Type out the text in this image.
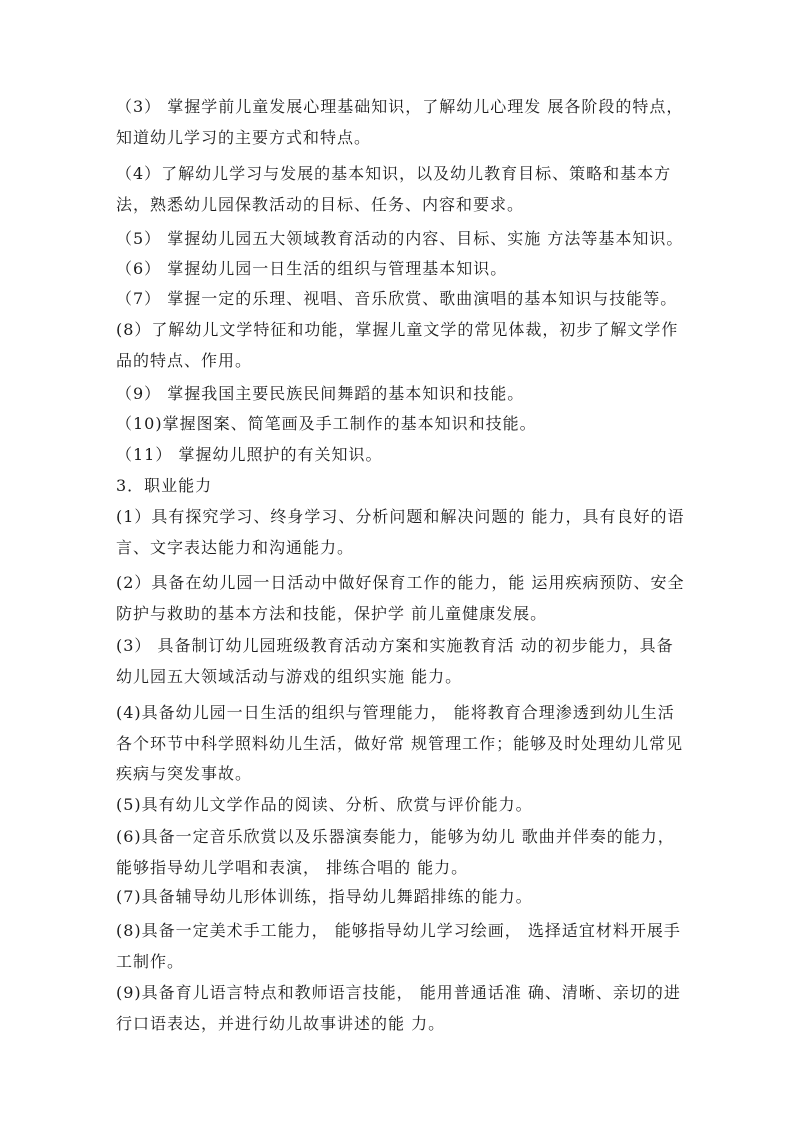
（3） 掌握学前儿童发展心理基础知识，了解幼儿心理发 展各阶段的特点， 知道幼儿学习的主要方式和特点。

（4）了解幼儿学习与发展的基本知识，以及幼儿教育目标、策略和基本方法，熟悉幼儿园保教活动的目标、任务、内容和要求。

（5） 掌握幼儿园五大领域教育活动的内容、目标、实施 方法等基本知识。

（6） 掌握幼儿园一日生活的组织与管理基本知识。

（7） 掌握一定的乐理、视唱、音乐欣赏、歌曲演唱的基本知识与技能等。

(8）了解幼儿文学特征和功能，掌握儿童文学的常见体裁，初步了解文学作品的特点、作用。

（9） 掌握我国主要民族民间舞蹈的基本知识和技能。

（10)掌握图案、简笔画及手工制作的基本知识和技能。

（11） 掌握幼儿照护的有关知识。

3．职业能力

(1）具有探究学习、终身学习、分析问题和解决问题的 能力，具有良好的语言、文字表达能力和沟通能力。

(2）具备在幼儿园一日活动中做好保育工作的能力，能 运用疾病预防、安全防护与救助的基本方法和技能，保护学 前儿童健康发展。

(3） 具备制订幼儿园班级教育活动方案和实施教育活 动的初步能力，具备幼儿园五大领域活动与游戏的组织实施 能力。

(4)具备幼儿园一日生活的组织与管理能力， 能将教育合理渗透到幼儿生活各个环节中科学照料幼儿生活，做好常 规管理工作；能够及时处理幼儿常见疾病与突发事故。

(5)具有幼儿文学作品的阅读、分析、欣赏与评价能力。

(6)具备一定音乐欣赏以及乐器演奏能力，能够为幼儿 歌曲并伴奏的能力，能够指导幼儿学唱和表演， 排练合唱的 能力。

(7)具备辅导幼儿形体训练，指导幼儿舞蹈排练的能力。

(8)具备一定美术手工能力， 能够指导幼儿学习绘画， 选择适宜材料开展手工制作。

(9)具备育儿语言特点和教师语言技能， 能用普通话准 确、清晰、亲切的进行口语表达，并进行幼儿故事讲述的能 力。
